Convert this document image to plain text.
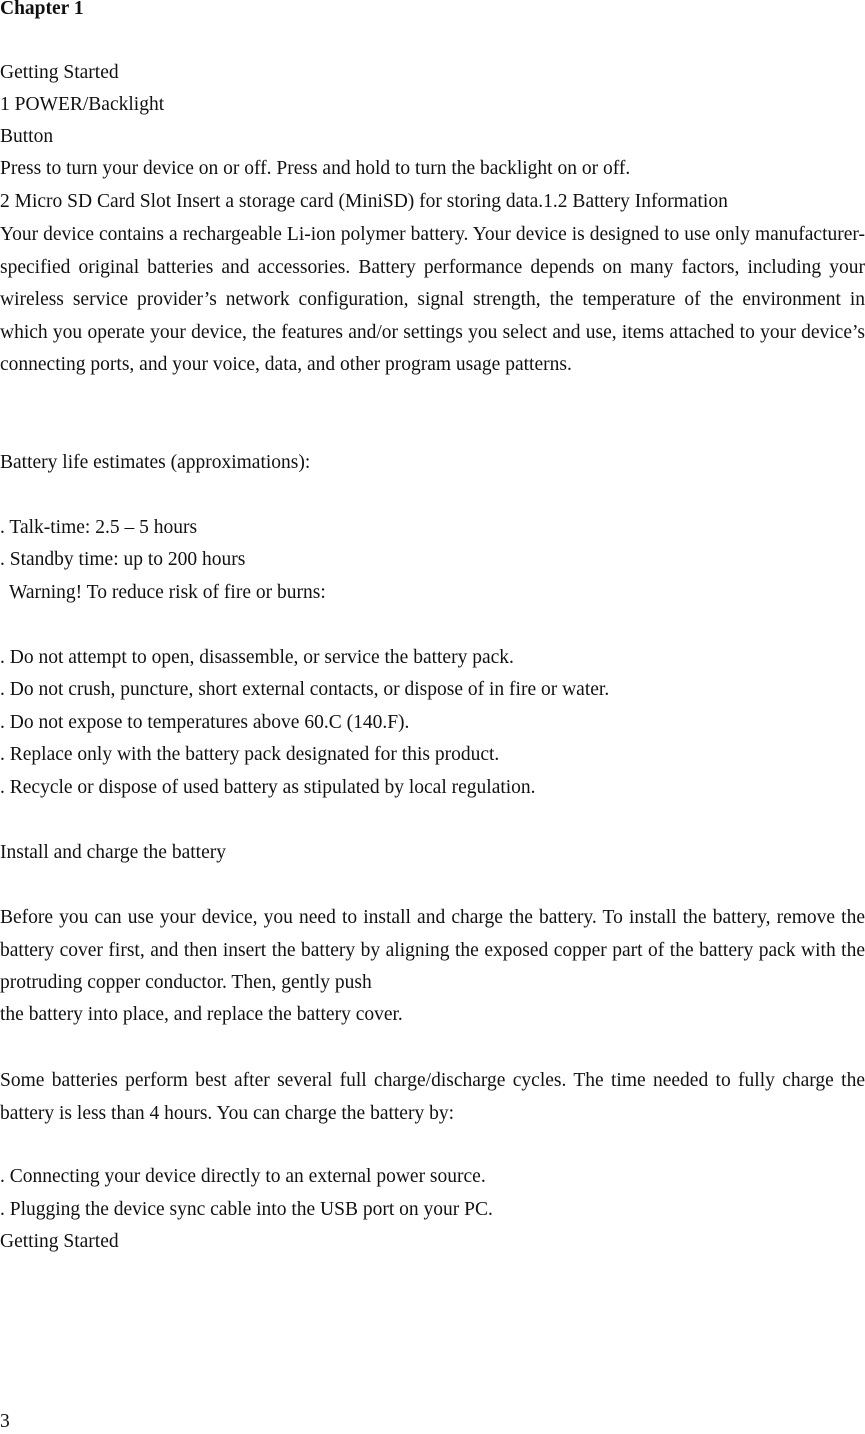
Chapter 1

Getting Started

1 POWER/Backlight

Button

Press to turn your device on or off. Press and hold to turn the backlight on or off.

2 Micro SD Card Slot Insert a storage card (MiniSD) for storing data.1.2 Battery Information

Your device contains a rechargeable Li-ion polymer battery. Your device is designed to use only manufacturer-specified original batteries and accessories. Battery performance depends on many factors, including your wireless service provider’s network configuration, signal strength, the temperature of the environment in which you operate your device, the features and/or settings you select and use, items attached to your device’s connecting ports, and your voice, data, and other program usage patterns.

Battery life estimates (approximations):

. Talk-time: 2.5 – 5 hours

. Standby time: up to 200 hours

Warning! To reduce risk of fire or burns:

. Do not attempt to open, disassemble, or service the battery pack.

. Do not crush, puncture, short external contacts, or dispose of in fire or water.

. Do not expose to temperatures above 60.C (140.F).

. Replace only with the battery pack designated for this product.

. Recycle or dispose of used battery as stipulated by local regulation.

Install and charge the battery

Before you can use your device, you need to install and charge the battery. To install the battery, remove the battery cover first, and then insert the battery by aligning the exposed copper part of the battery pack with the protruding copper conductor. Then, gently push

the battery into place, and replace the battery cover.

Some batteries perform best after several full charge/discharge cycles. The time needed to fully charge the battery is less than 4 hours. You can charge the battery by:

. Connecting your device directly to an external power source.

. Plugging the device sync cable into the USB port on your PC.

Getting Started

3
